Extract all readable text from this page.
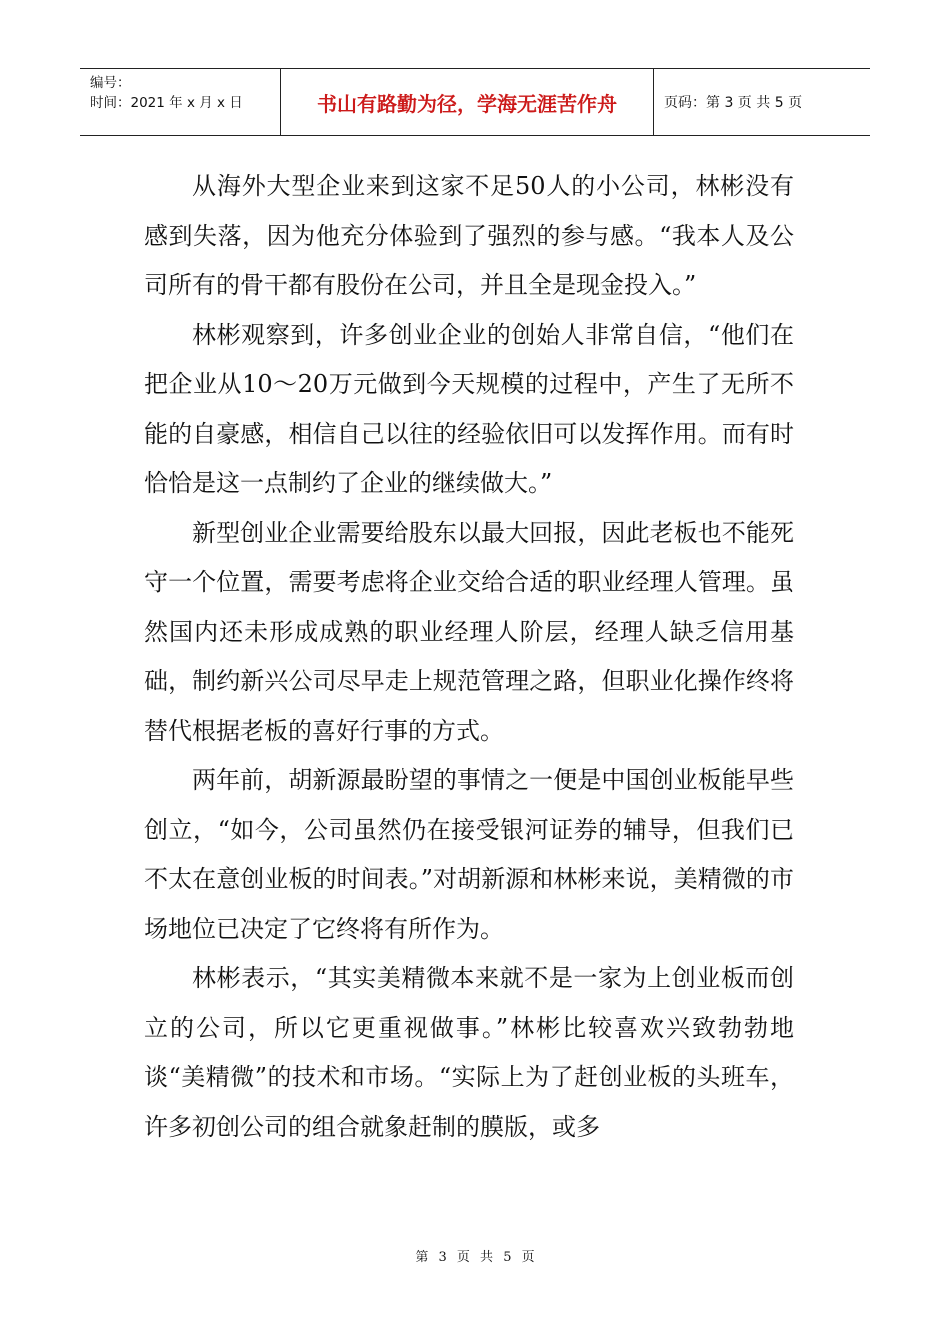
编号：
时间：2021 年 x 月 x 日	书山有路勤为径，学海无涯苦作舟	页码：第 3 页 共 5 页

从海外大型企业来到这家不足50人的小公司，林彬没有感到失落，因为他充分体验到了强烈的参与感。“我本人及公司所有的骨干都有股份在公司，并且全是现金投入。”

林彬观察到，许多创业企业的创始人非常自信，“他们在把企业从10～20万元做到今天规模的过程中，产生了无所不能的自豪感，相信自己以往的经验依旧可以发挥作用。而有时恰恰是这一点制约了企业的继续做大。”

新型创业企业需要给股东以最大回报，因此老板也不能死守一个位置，需要考虑将企业交给合适的职业经理人管理。虽然国内还未形成成熟的职业经理人阶层，经理人缺乏信用基础，制约新兴公司尽早走上规范管理之路，但职业化操作终将替代根据老板的喜好行事的方式。

两年前，胡新源最盼望的事情之一便是中国创业板能早些创立，“如今，公司虽然仍在接受银河证券的辅导，但我们已不太在意创业板的时间表。”对胡新源和林彬来说，美精微的市场地位已决定了它终将有所作为。

林彬表示，“其实美精微本来就不是一家为上创业板而创立的公司，所以它更重视做事。”林彬比较喜欢兴致勃勃地谈“美精微”的技术和市场。“实际上为了赶创业板的头班车，许多初创公司的组合就象赶制的膜版，或多

第 3 页 共 5 页
